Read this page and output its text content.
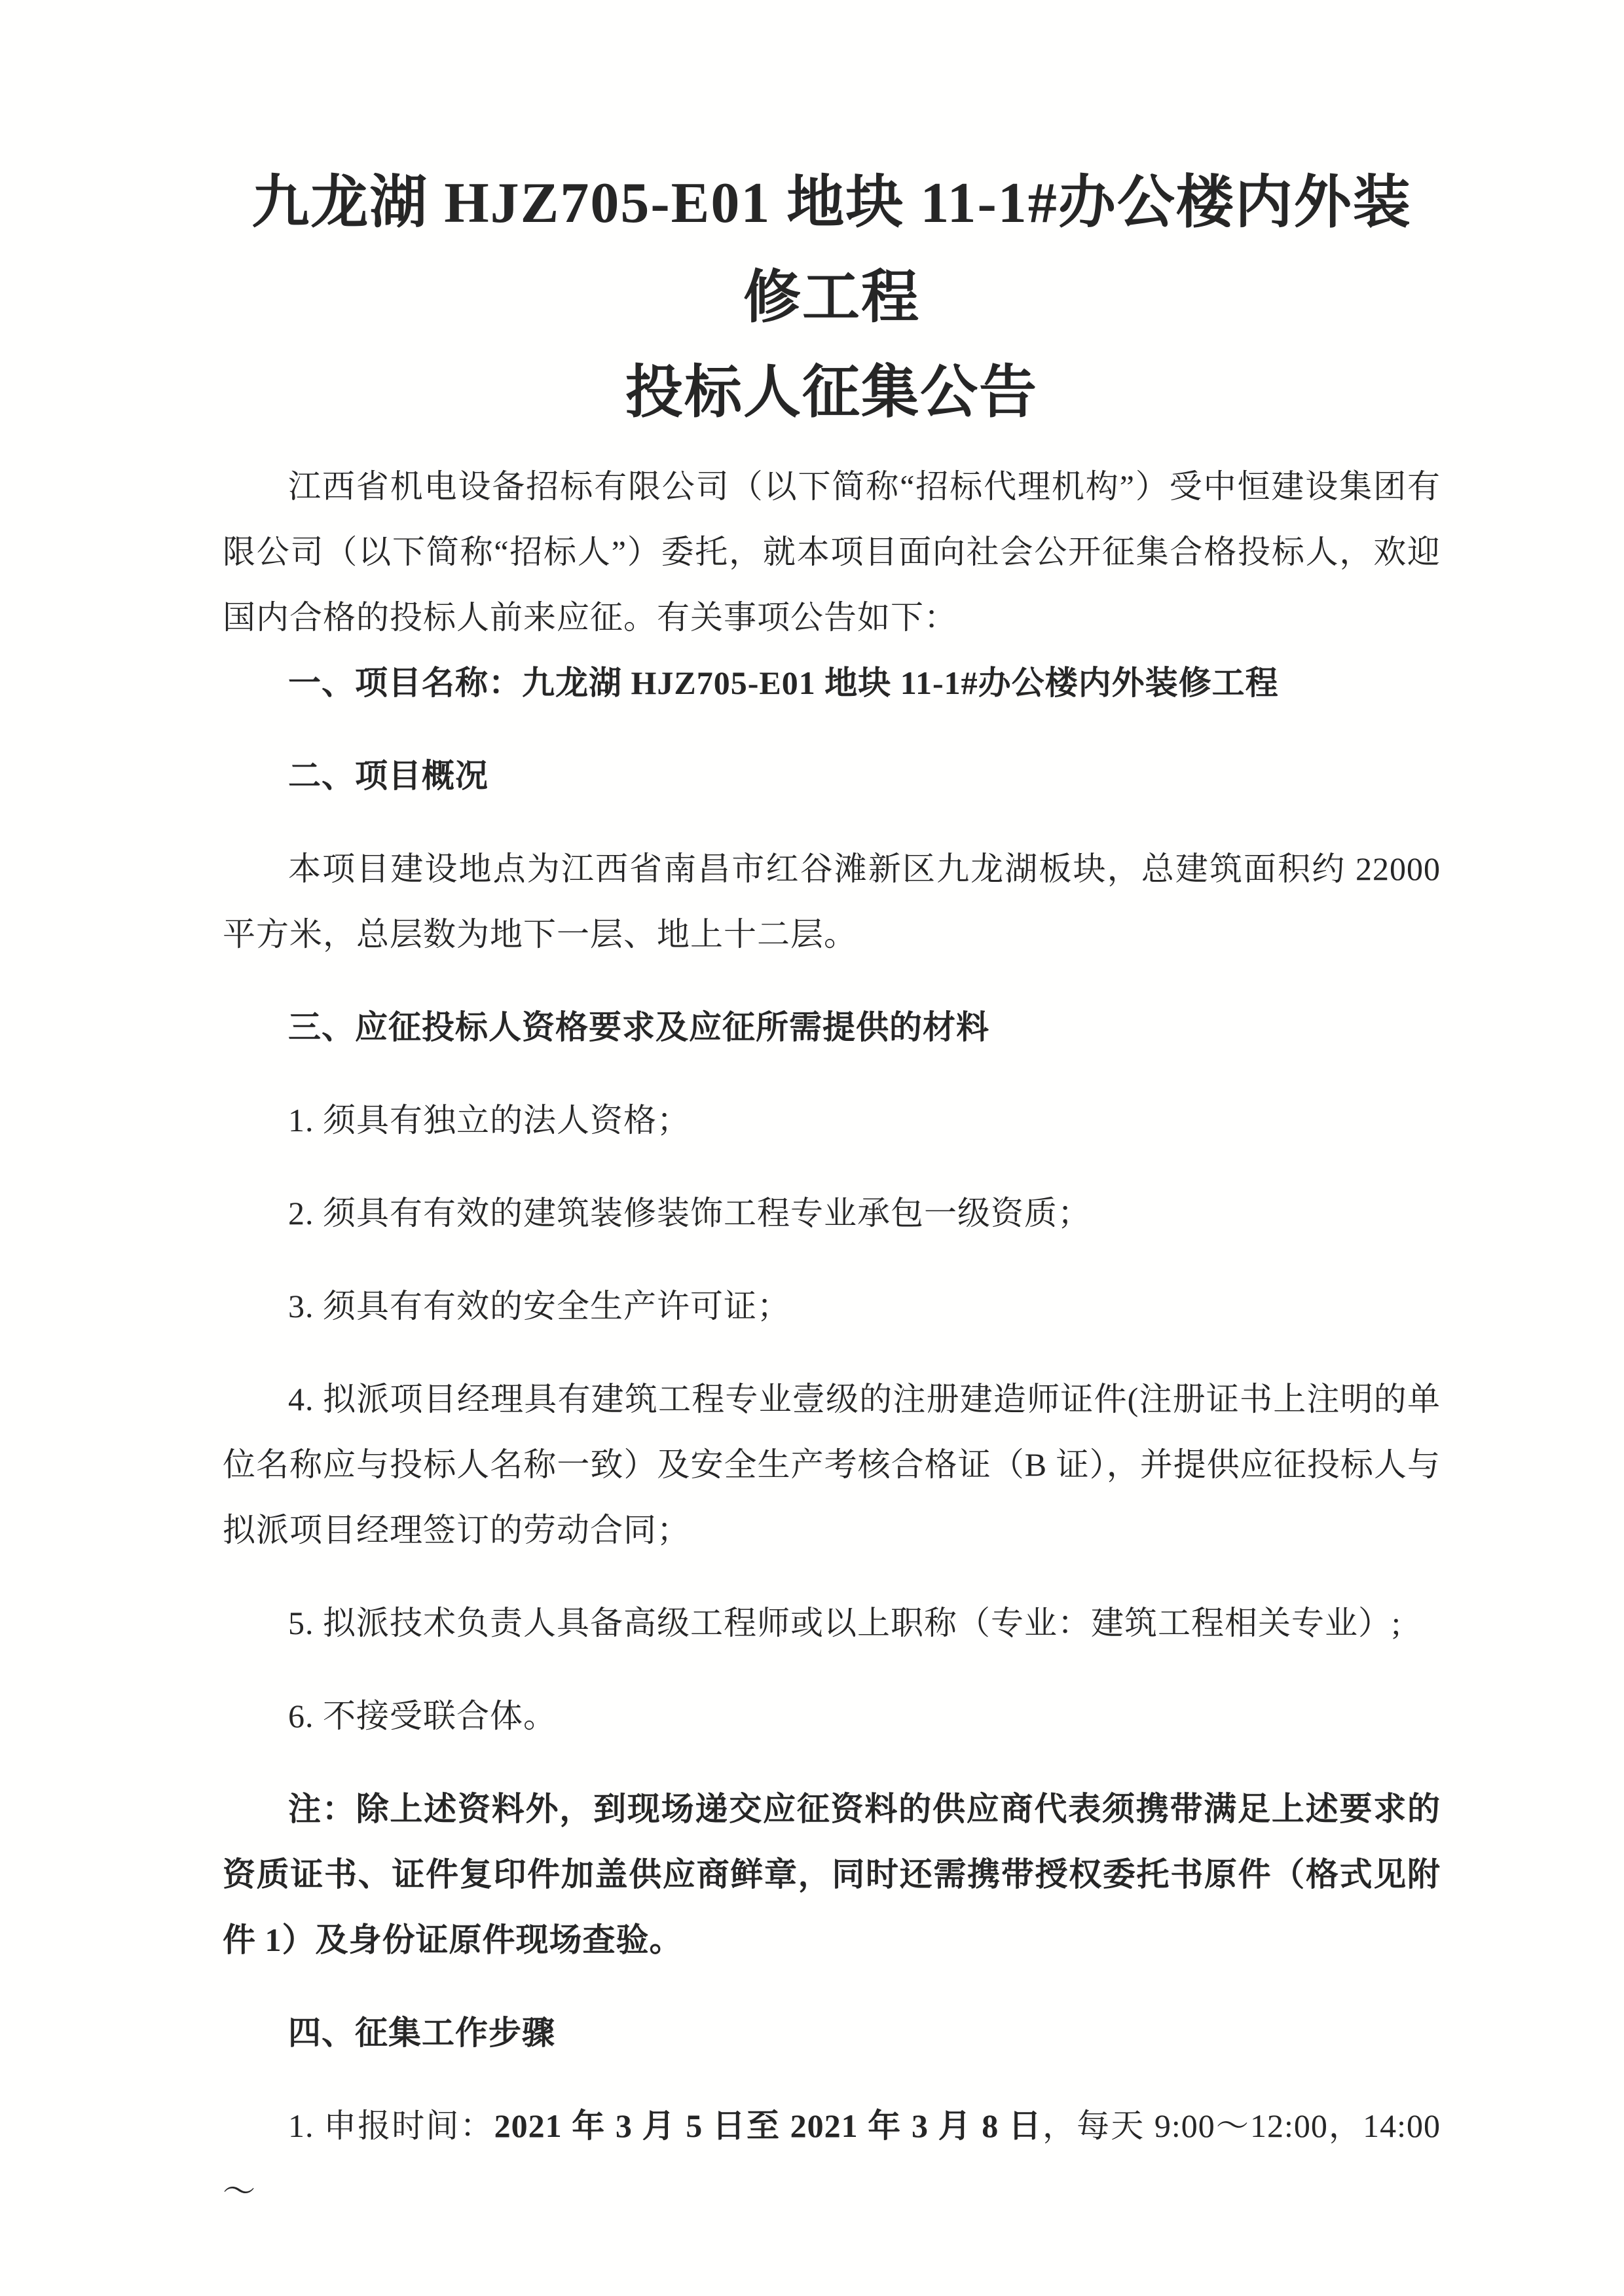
九龙湖 HJZ705-E01 地块 11-1#办公楼内外装修工程
投标人征集公告

江西省机电设备招标有限公司（以下简称“招标代理机构”）受中恒建设集团有限公司（以下简称“招标人”）委托，就本项目面向社会公开征集合格投标人，欢迎国内合格的投标人前来应征。有关事项公告如下：

一、项目名称：九龙湖 HJZ705-E01 地块 11-1#办公楼内外装修工程

二、项目概况

本项目建设地点为江西省南昌市红谷滩新区九龙湖板块，总建筑面积约 22000 平方米，总层数为地下一层、地上十二层。

三、应征投标人资格要求及应征所需提供的材料

1. 须具有独立的法人资格；

2. 须具有有效的建筑装修装饰工程专业承包一级资质；

3. 须具有有效的安全生产许可证；

4. 拟派项目经理具有建筑工程专业壹级的注册建造师证件(注册证书上注明的单位名称应与投标人名称一致）及安全生产考核合格证（B 证），并提供应征投标人与拟派项目经理签订的劳动合同；

5. 拟派技术负责人具备高级工程师或以上职称（专业：建筑工程相关专业）;

6. 不接受联合体。

注：除上述资料外，到现场递交应征资料的供应商代表须携带满足上述要求的资质证书、证件复印件加盖供应商鲜章，同时还需携带授权委托书原件（格式见附件 1）及身份证原件现场查验。

四、征集工作步骤

1. 申报时间：2021 年 3 月 5 日至 2021 年 3 月 8 日，每天 9:00～12:00，14:00～
